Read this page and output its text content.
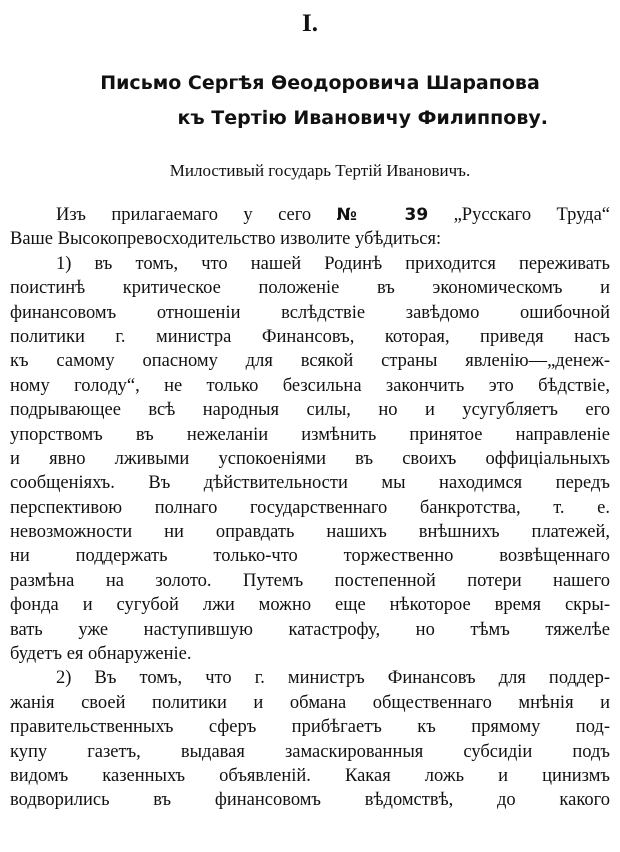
I.
Письмо Сергѣя Ѳеодоровича Шарапова
къ Тертію Ивановичу Филиппову.
Милостивый государь Тертій Ивановичъ.
Изъ прилагаемаго у сего № 39 „Русскаго Труда“
Ваше Высокопревосходительство изволите убѣдиться:
1) въ томъ, что нашей Родинѣ приходится переживать
поистинѣ критическое положеніе въ экономическомъ и
финансовомъ отношеніи вслѣдствіе завѣдомо ошибочной
политики г. министра Финансовъ, которая, приведя насъ
къ самому опасному для всякой страны явленію—„денеж-
ному голоду“, не только безсильна закончить это бѣдствіе,
подрывающее всѣ народныя силы, но и усугубляетъ его
упорствомъ въ нежеланіи измѣнить принятое направленіе
и явно лживыми успокоеніями въ своихъ оффиціальныхъ
сообщеніяхъ. Въ дѣйствительности мы находимся передъ
перспективою полнаго государственнаго банкротства, т. е.
невозможности ни оправдать нашихъ внѣшнихъ платежей,
ни поддержать только-что торжественно возвѣщеннаго
размѣна на золото. Путемъ постепенной потери нашего
фонда и сугубой лжи можно еще нѣкоторое время скры-
вать уже наступившую катастрофу, но тѣмъ тяжелѣе
будетъ ея обнаруженіе.
2) Въ томъ, что г. министръ Финансовъ для поддер-
жанія своей политики и обмана общественнаго мнѣнія и
правительственныхъ сферъ прибѣгаетъ къ прямому под-
купу газетъ, выдавая замаскированныя субсидіи подъ
видомъ казенныхъ объявленій. Какая ложь и цинизмъ
водворились въ финансовомъ вѣдомствѣ, до какого
